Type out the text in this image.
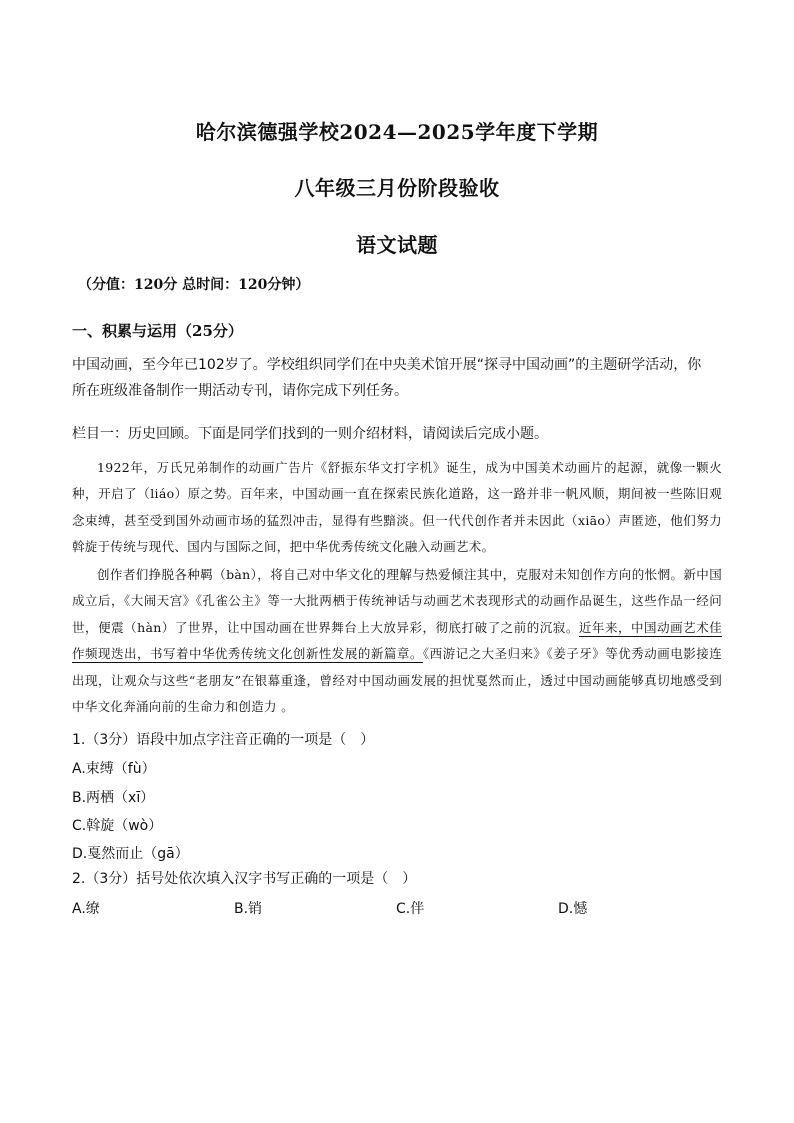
哈尔滨德强学校2024—2025学年度下学期
八年级三月份阶段验收
语文试题
（分值：120分 总时间：120分钟）
一、积累与运用（25分）
中国动画，至今年已102岁了。学校组织同学们在中央美术馆开展“探寻中国动画”的主题研学活动，你
所在班级准备制作一期活动专刊，请你完成下列任务。
栏目一：历史回顾。下面是同学们找到的一则介绍材料，请阅读后完成小题。
1922年，万氏兄弟制作的动画广告片《舒振东华文打字机》诞生，成为中国美术动画片的起源，就像一颗火种，开启了（liáo）原之势。百年来，中国动画一直在探索民族化道路，这一路并非一帆风顺，期间被一些陈旧观念束缚，甚至受到国外动画市场的猛烈冲击，显得有些黯淡。但一代代创作者并未因此（xiāo）声匿迹，他们努力斡旋于传统与现代、国内与国际之间，把中华优秀传统文化融入动画艺术。
创作者们挣脱各种羁（bàn），将自己对中华文化的理解与热爱倾注其中，克服对未知创作方向的怅惘。新中国成立后，《大闹天宫》《孔雀公主》等一大批两栖于传统神话与动画艺术表现形式的动画作品诞生，这些作品一经问世，便震（hàn）了世界，让中国动画在世界舞台上大放异彩，彻底打破了之前的沉寂。近年来，中国动画艺术佳作频现迭出，书写着中华优秀传统文化创新性发展的新篇章。《西游记之大圣归来》《姜子牙》等优秀动画电影接连出现，让观众与这些“老朋友”在银幕重逢，曾经对中国动画发展的担忧戛然而止，透过中国动画能够真切地感受到中华文化奔涌向前的生命力和创造力 。
1.（3分）语段中加点字注音正确的一项是（　）
A.束缚（fù）
B.两栖（xī）
C.斡旋（wò）
D.戛然而止（gā）
2.（3分）括号处依次填入汉字书写正确的一项是（　）
A.缭	B.销	C.伴	D.憾
